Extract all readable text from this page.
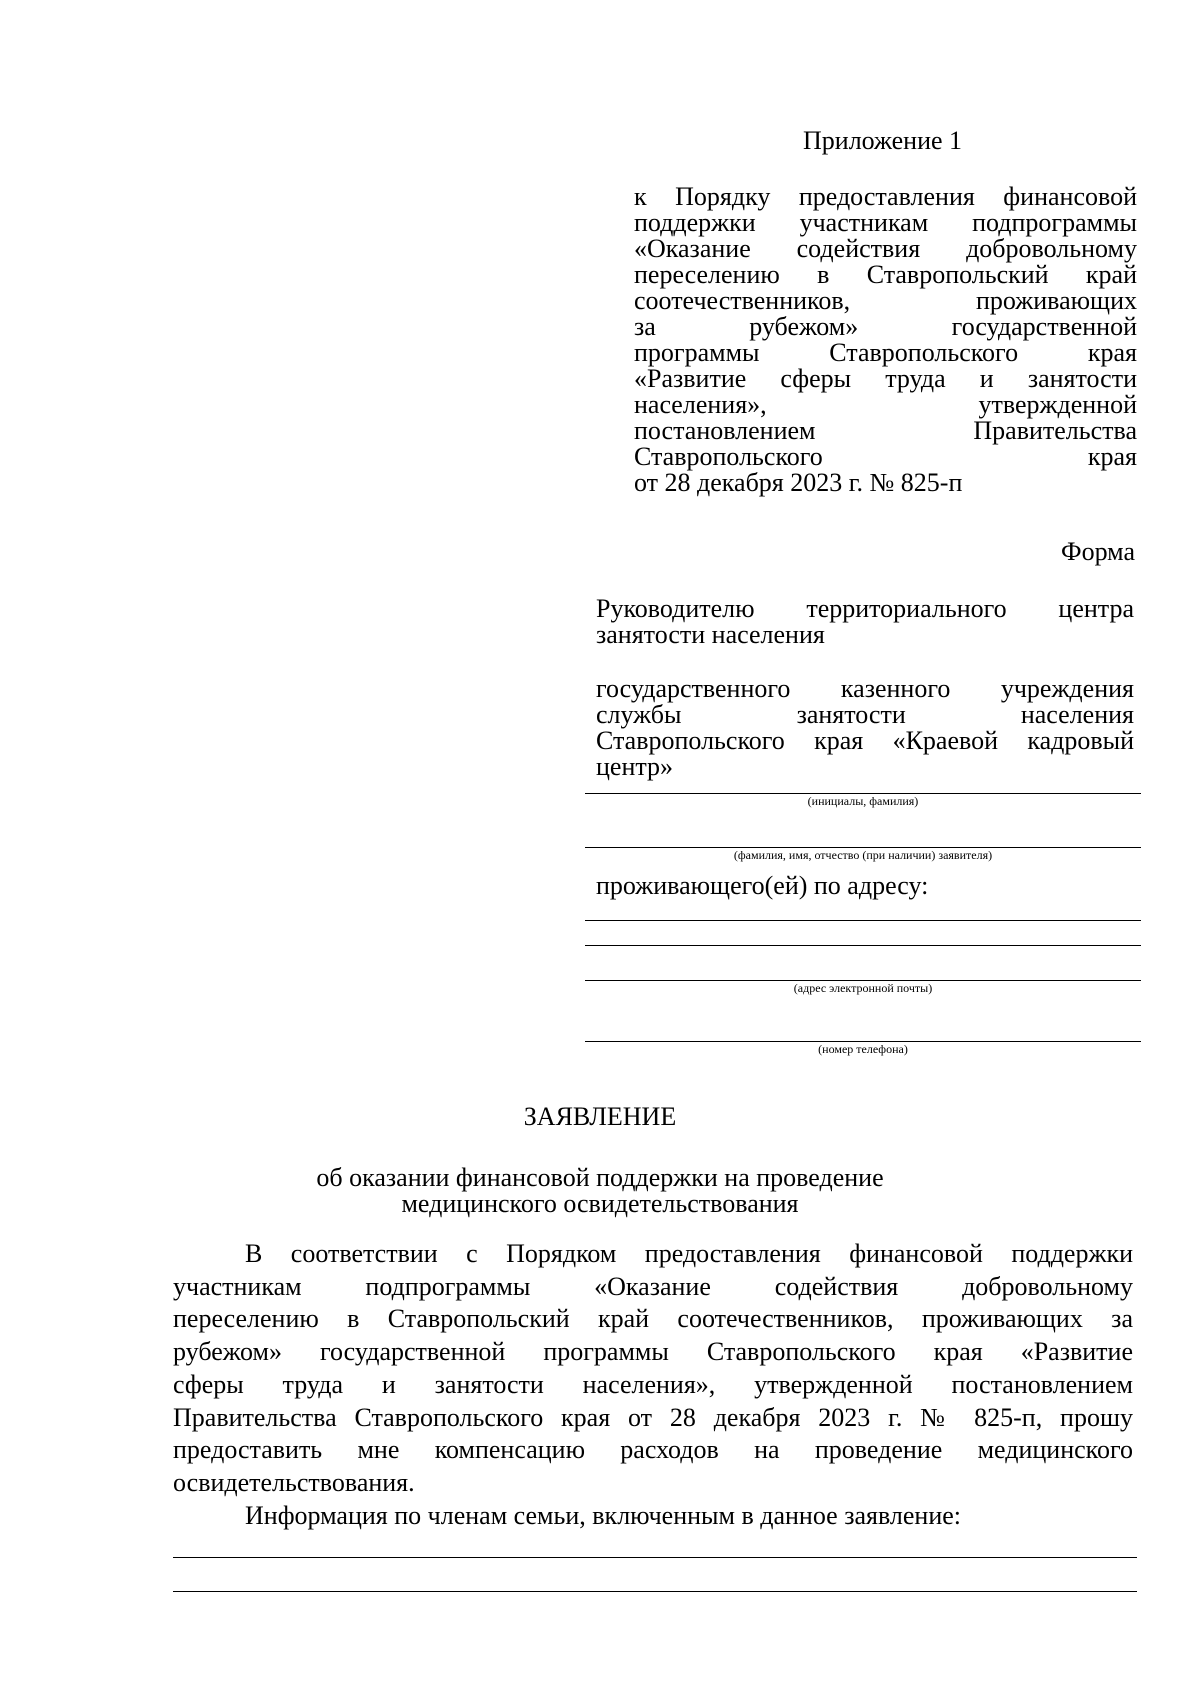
Приложение 1
к Порядку предоставления финансовой
поддержки участникам подпрограммы
«Оказание содействия добровольному
переселению в Ставропольский край
соотечественников, проживающих
за рубежом» государственной
программы Ставропольского края
«Развитие сферы труда и занятости
населения», утвержденной
постановлением Правительства
Ставропольского края
от 28 декабря 2023 г. № 825-п
Форма
Руководителю территориального центра
занятости населения
государственного казенного учреждения
службы занятости населения
Ставропольского края «Краевой кадровый
центр»
(инициалы, фамилия)
(фамилия, имя, отчество (при наличии) заявителя)
проживающего(ей) по адресу:
(адрес электронной почты)
(номер телефона)
ЗАЯВЛЕНИЕ
об оказании финансовой поддержки на проведение
медицинского освидетельствования
В соответствии с Порядком предоставления финансовой поддержки
участникам подпрограммы «Оказание содействия добровольному
переселению в Ставропольский край соотечественников, проживающих за
рубежом» государственной программы Ставропольского края «Развитие
сферы труда и занятости населения», утвержденной постановлением
Правительства Ставропольского края от 28 декабря 2023 г. № 825-п, прошу
предоставить мне компенсацию расходов на проведение медицинского
освидетельствования.
Информация по членам семьи, включенным в данное заявление:
